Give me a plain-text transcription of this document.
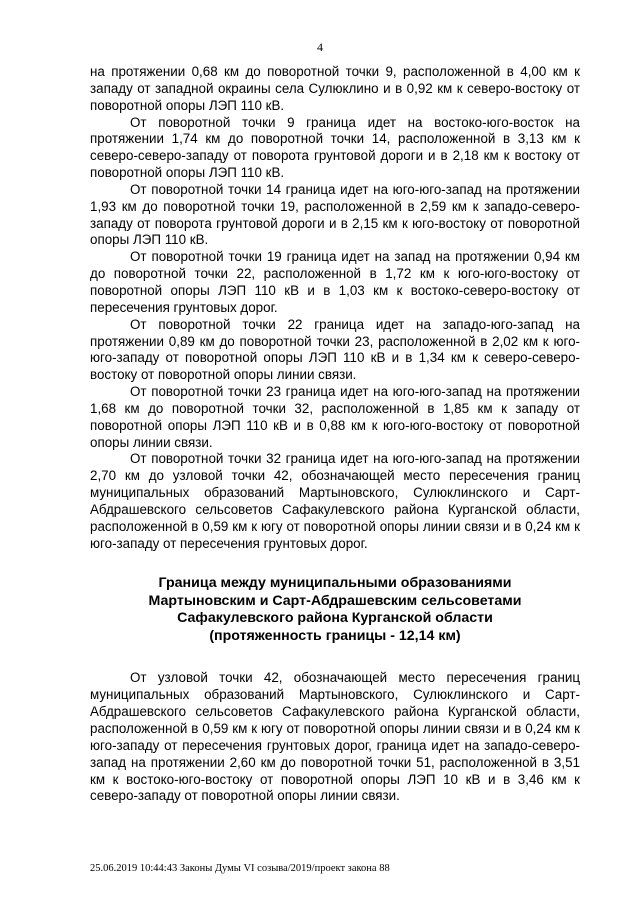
4

на протяжении 0,68 км до поворотной точки 9, расположенной в 4,00 км к западу от западной окраины села Сулюклино и в 0,92 км к северо-востоку от поворотной опоры ЛЭП 110 кВ.

От поворотной точки 9 граница идет на востоко-юго-восток на протяжении 1,74 км до поворотной точки 14, расположенной в 3,13 км к северо-северо-западу от поворота грунтовой дороги и в 2,18 км к востоку от поворотной опоры ЛЭП 110 кВ.

От поворотной точки 14 граница идет на юго-юго-запад на протяжении 1,93 км до поворотной точки 19, расположенной в 2,59 км к западо-северо-западу от поворота грунтовой дороги и в 2,15 км к юго-востоку от поворотной опоры ЛЭП 110 кВ.

От поворотной точки 19 граница идет на запад на протяжении 0,94 км до поворотной точки 22, расположенной в 1,72 км к юго-юго-востоку от поворотной опоры ЛЭП 110 кВ и в 1,03 км к востоко-северо-востоку от пересечения грунтовых дорог.

От поворотной точки 22 граница идет на западо-юго-запад на протяжении 0,89 км до поворотной точки 23, расположенной в 2,02 км к юго-юго-западу от поворотной опоры ЛЭП 110 кВ и в 1,34 км к северо-северо-востоку от поворотной опоры линии связи.

От поворотной точки 23 граница идет на юго-юго-запад на протяжении 1,68 км до поворотной точки 32, расположенной в 1,85 км к западу от поворотной опоры ЛЭП 110 кВ и в 0,88 км к юго-юго-востоку от поворотной опоры линии связи.

От поворотной точки 32 граница идет на юго-юго-запад на протяжении 2,70 км до узловой точки 42, обозначающей место пересечения границ муниципальных образований Мартыновского, Сулюклинского и Сарт-Абдрашевского сельсоветов Сафакулевского района Курганской области, расположенной в 0,59 км к югу от поворотной опоры линии связи и в 0,24 км к юго-западу от пересечения грунтовых дорог.

Граница между муниципальными образованиями
Мартыновским и Сарт-Абдрашевским сельсоветами
Сафакулевского района Курганской области
(протяженность границы - 12,14 км)

От узловой точки 42, обозначающей место пересечения границ муниципальных образований Мартыновского, Сулюклинского и Сарт-Абдрашевского сельсоветов Сафакулевского района Курганской области, расположенной в 0,59 км к югу от поворотной опоры линии связи и в 0,24 км к юго-западу от пересечения грунтовых дорог, граница идет на западо-северо-запад на протяжении 2,60 км до поворотной точки 51, расположенной в 3,51 км к востоко-юго-востоку от поворотной опоры ЛЭП 10 кВ и в 3,46 км к северо-западу от поворотной опоры линии связи.

25.06.2019 10:44:43 Законы Думы VI созыва/2019/проект закона 88
